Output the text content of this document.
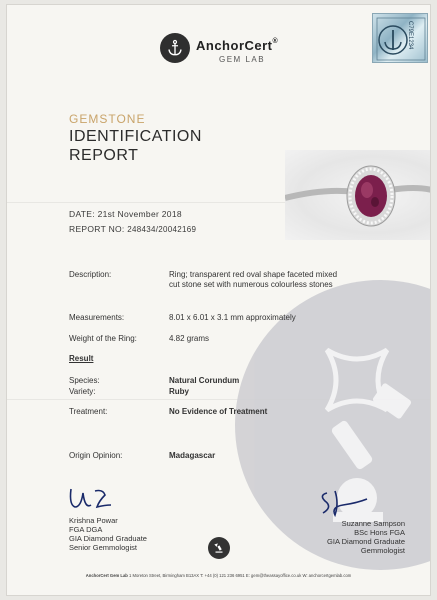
AnchorCert®
GEM LAB
C79E1234
GEMSTONE
IDENTIFICATION
REPORT
DATE: 21st November 2018
REPORT NO: 248434/20042169
Description:	Ring; transparent red oval shape faceted mixed cut stone set with numerous colourless stones
Measurements:	8.01 x 6.01 x 3.1 mm approximately
Weight of the Ring:	4.82 grams
Result
Species:	Natural Corundum
Variety:	Ruby
Treatment:	No Evidence of Treatment
Origin Opinion:	Madagascar
Krishna Powar
FGA DGA
GIA Diamond Graduate
Senior Gemmologist
Suzanne Sampson
BSc Hons FGA
GIA Diamond Graduate
Gemmologist
AnchorCert Gem Lab 1 Moreton Street, Birmingham B13AX T: +44 (0) 121 236 6951 E: gem@theassayoffice.co.uk W: anchorcertgemlab.com
